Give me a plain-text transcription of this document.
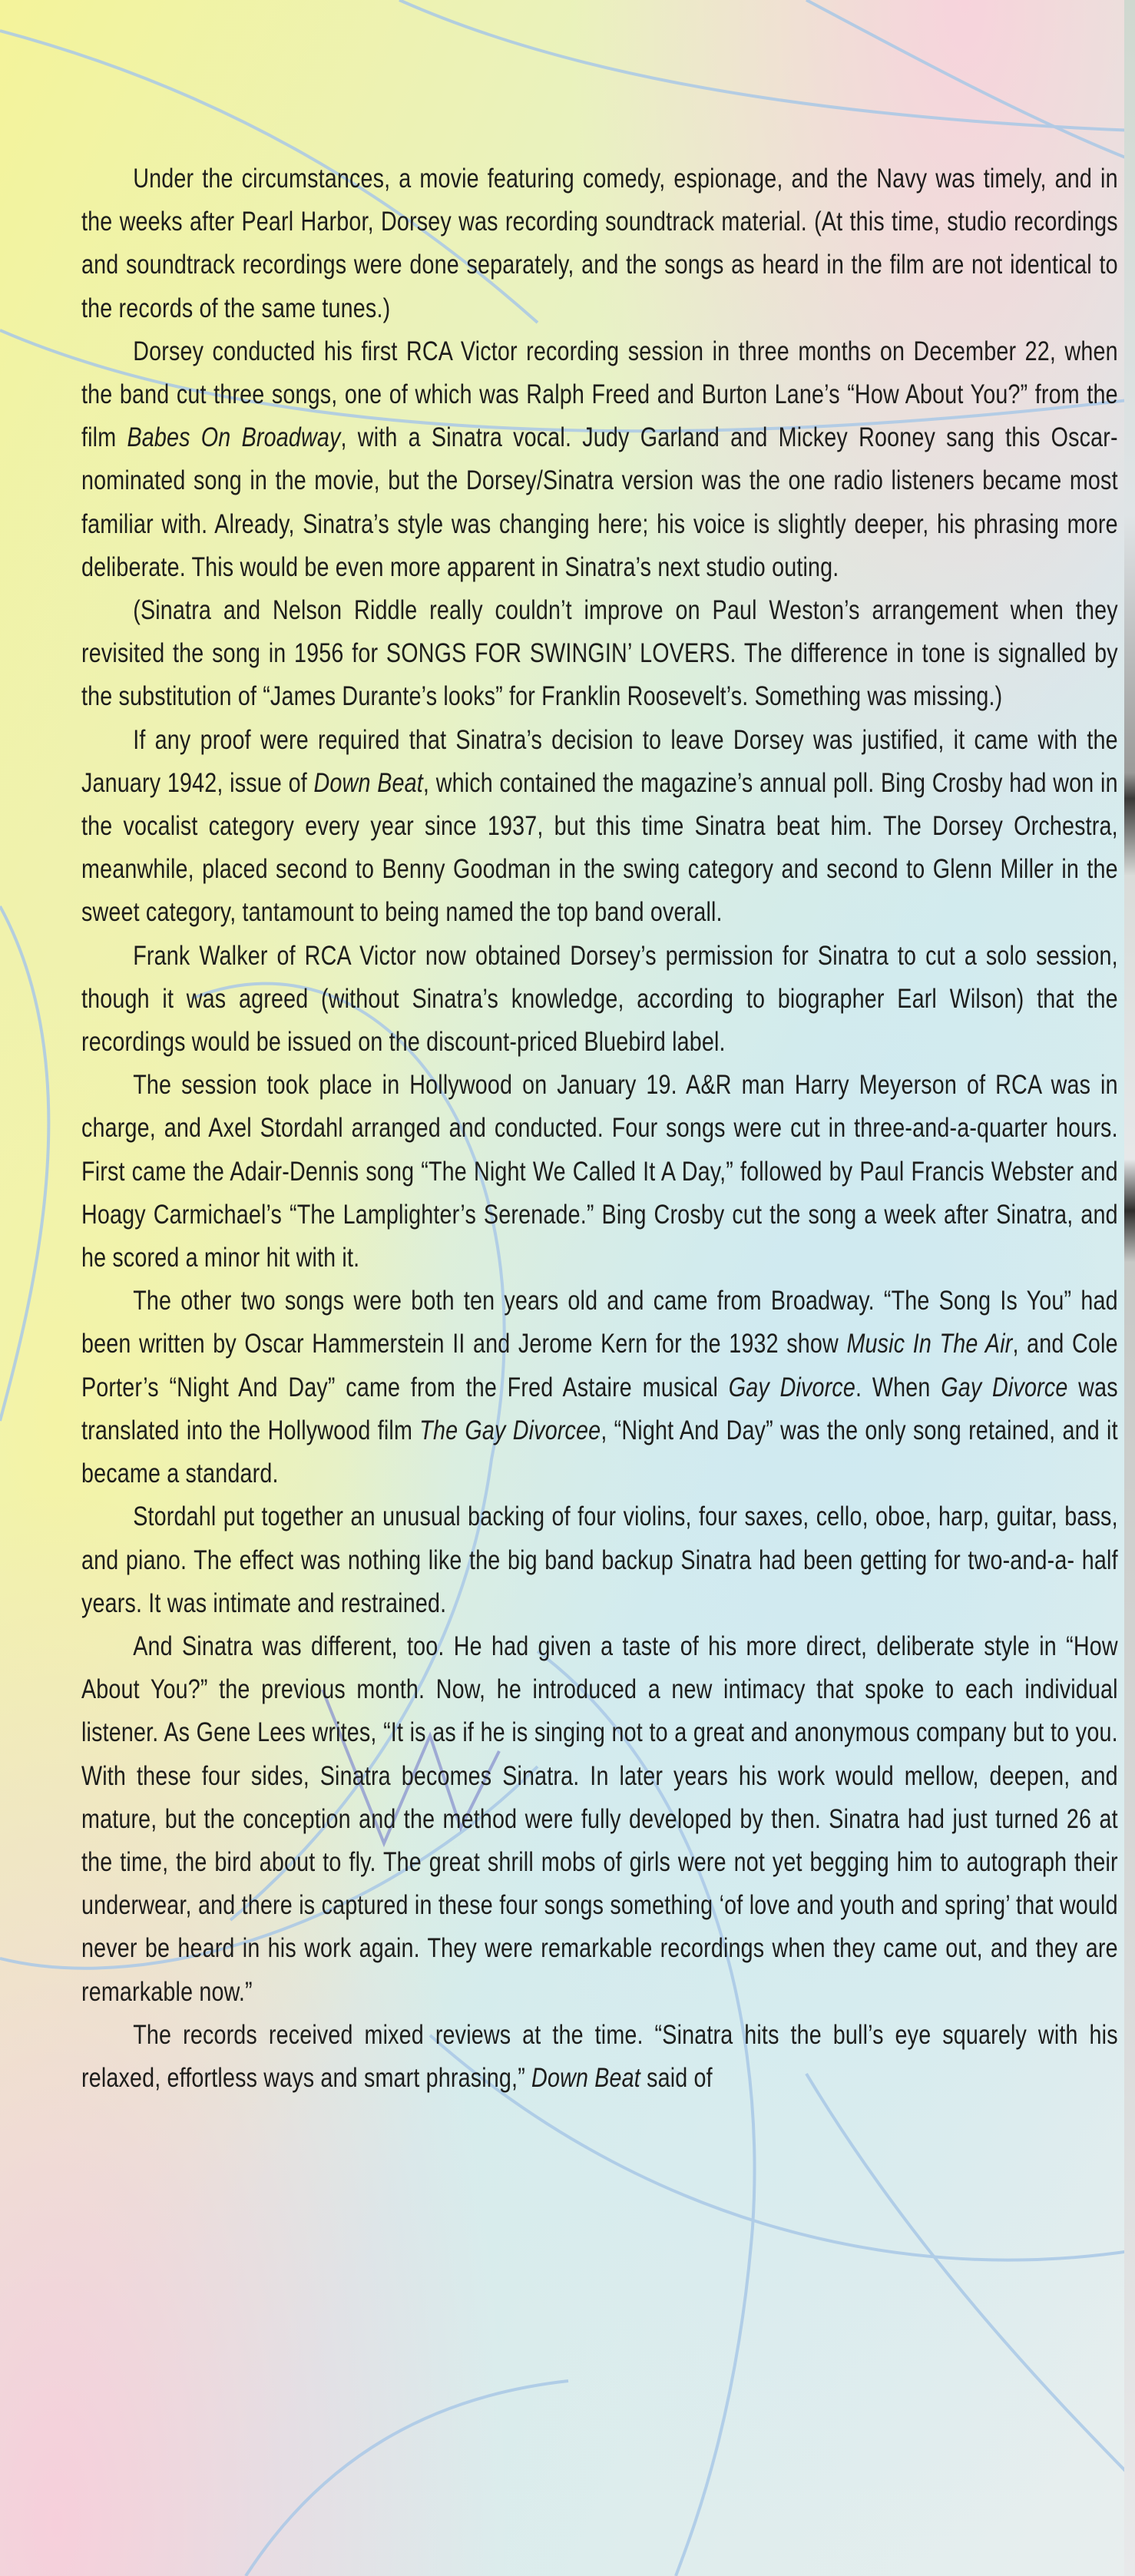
Under the circumstances, a movie featuring comedy, espionage, and the Navy was timely, and in the weeks after Pearl Harbor, Dorsey was recording soundtrack material. (At this time, studio recordings and soundtrack recordings were done separately, and the songs as heard in the film are not identical to the records of the same tunes.)

Dorsey conducted his first RCA Victor recording session in three months on December 22, when the band cut three songs, one of which was Ralph Freed and Burton Lane’s “How About You?” from the film Babes On Broadway, with a Sinatra vocal. Judy Garland and Mickey Rooney sang this Oscar-nominated song in the movie, but the Dorsey/Sinatra version was the one radio listeners became most familiar with. Already, Sinatra’s style was changing here; his voice is slightly deeper, his phrasing more deliberate. This would be even more apparent in Sinatra’s next studio outing.

(Sinatra and Nelson Riddle really couldn’t improve on Paul Weston’s arrangement when they revisited the song in 1956 for SONGS FOR SWINGIN’ LOVERS. The difference in tone is signalled by the substitution of “James Durante’s looks” for Franklin Roosevelt’s. Something was missing.)

If any proof were required that Sinatra’s decision to leave Dorsey was justified, it came with the January 1942, issue of Down Beat, which contained the magazine’s annual poll. Bing Crosby had won in the vocalist category every year since 1937, but this time Sinatra beat him. The Dorsey Orchestra, meanwhile, placed second to Benny Goodman in the swing category and second to Glenn Miller in the sweet category, tantamount to being named the top band overall.

Frank Walker of RCA Victor now obtained Dorsey’s permission for Sinatra to cut a solo session, though it was agreed (without Sinatra’s knowledge, according to biographer Earl Wilson) that the recordings would be issued on the discount-priced Bluebird label.

The session took place in Hollywood on January 19. A&R man Harry Meyerson of RCA was in charge, and Axel Stordahl arranged and conducted. Four songs were cut in three-and-a-quarter hours. First came the Adair-Dennis song “The Night We Called It A Day,” followed by Paul Francis Webster and Hoagy Carmichael’s “The Lamplighter’s Serenade.” Bing Crosby cut the song a week after Sinatra, and he scored a minor hit with it.

The other two songs were both ten years old and came from Broadway. “The Song Is You” had been written by Oscar Hammerstein II and Jerome Kern for the 1932 show Music In The Air, and Cole Porter’s “Night And Day” came from the Fred Astaire musical Gay Divorce. When Gay Divorce was translated into the Hollywood film The Gay Divorcee, “Night And Day” was the only song retained, and it became a standard.

Stordahl put together an unusual backing of four violins, four saxes, cello, oboe, harp, guitar, bass, and piano. The effect was nothing like the big band backup Sinatra had been getting for two-and-a- half years. It was intimate and restrained.

And Sinatra was different, too. He had given a taste of his more direct, deliberate style in “How About You?” the previous month. Now, he introduced a new intimacy that spoke to each individual listener. As Gene Lees writes, “It is as if he is singing not to a great and anonymous company but to you. With these four sides, Sinatra becomes Sinatra. In later years his work would mellow, deepen, and mature, but the conception and the method were fully developed by then. Sinatra had just turned 26 at the time, the bird about to fly. The great shrill mobs of girls were not yet begging him to autograph their underwear, and there is captured in these four songs something ‘of love and youth and spring’ that would never be heard in his work again. They were remarkable recordings when they came out, and they are remarkable now.”

The records received mixed reviews at the time. “Sinatra hits the bull’s eye squarely with his relaxed, effortless ways and smart phrasing,” Down Beat said of
